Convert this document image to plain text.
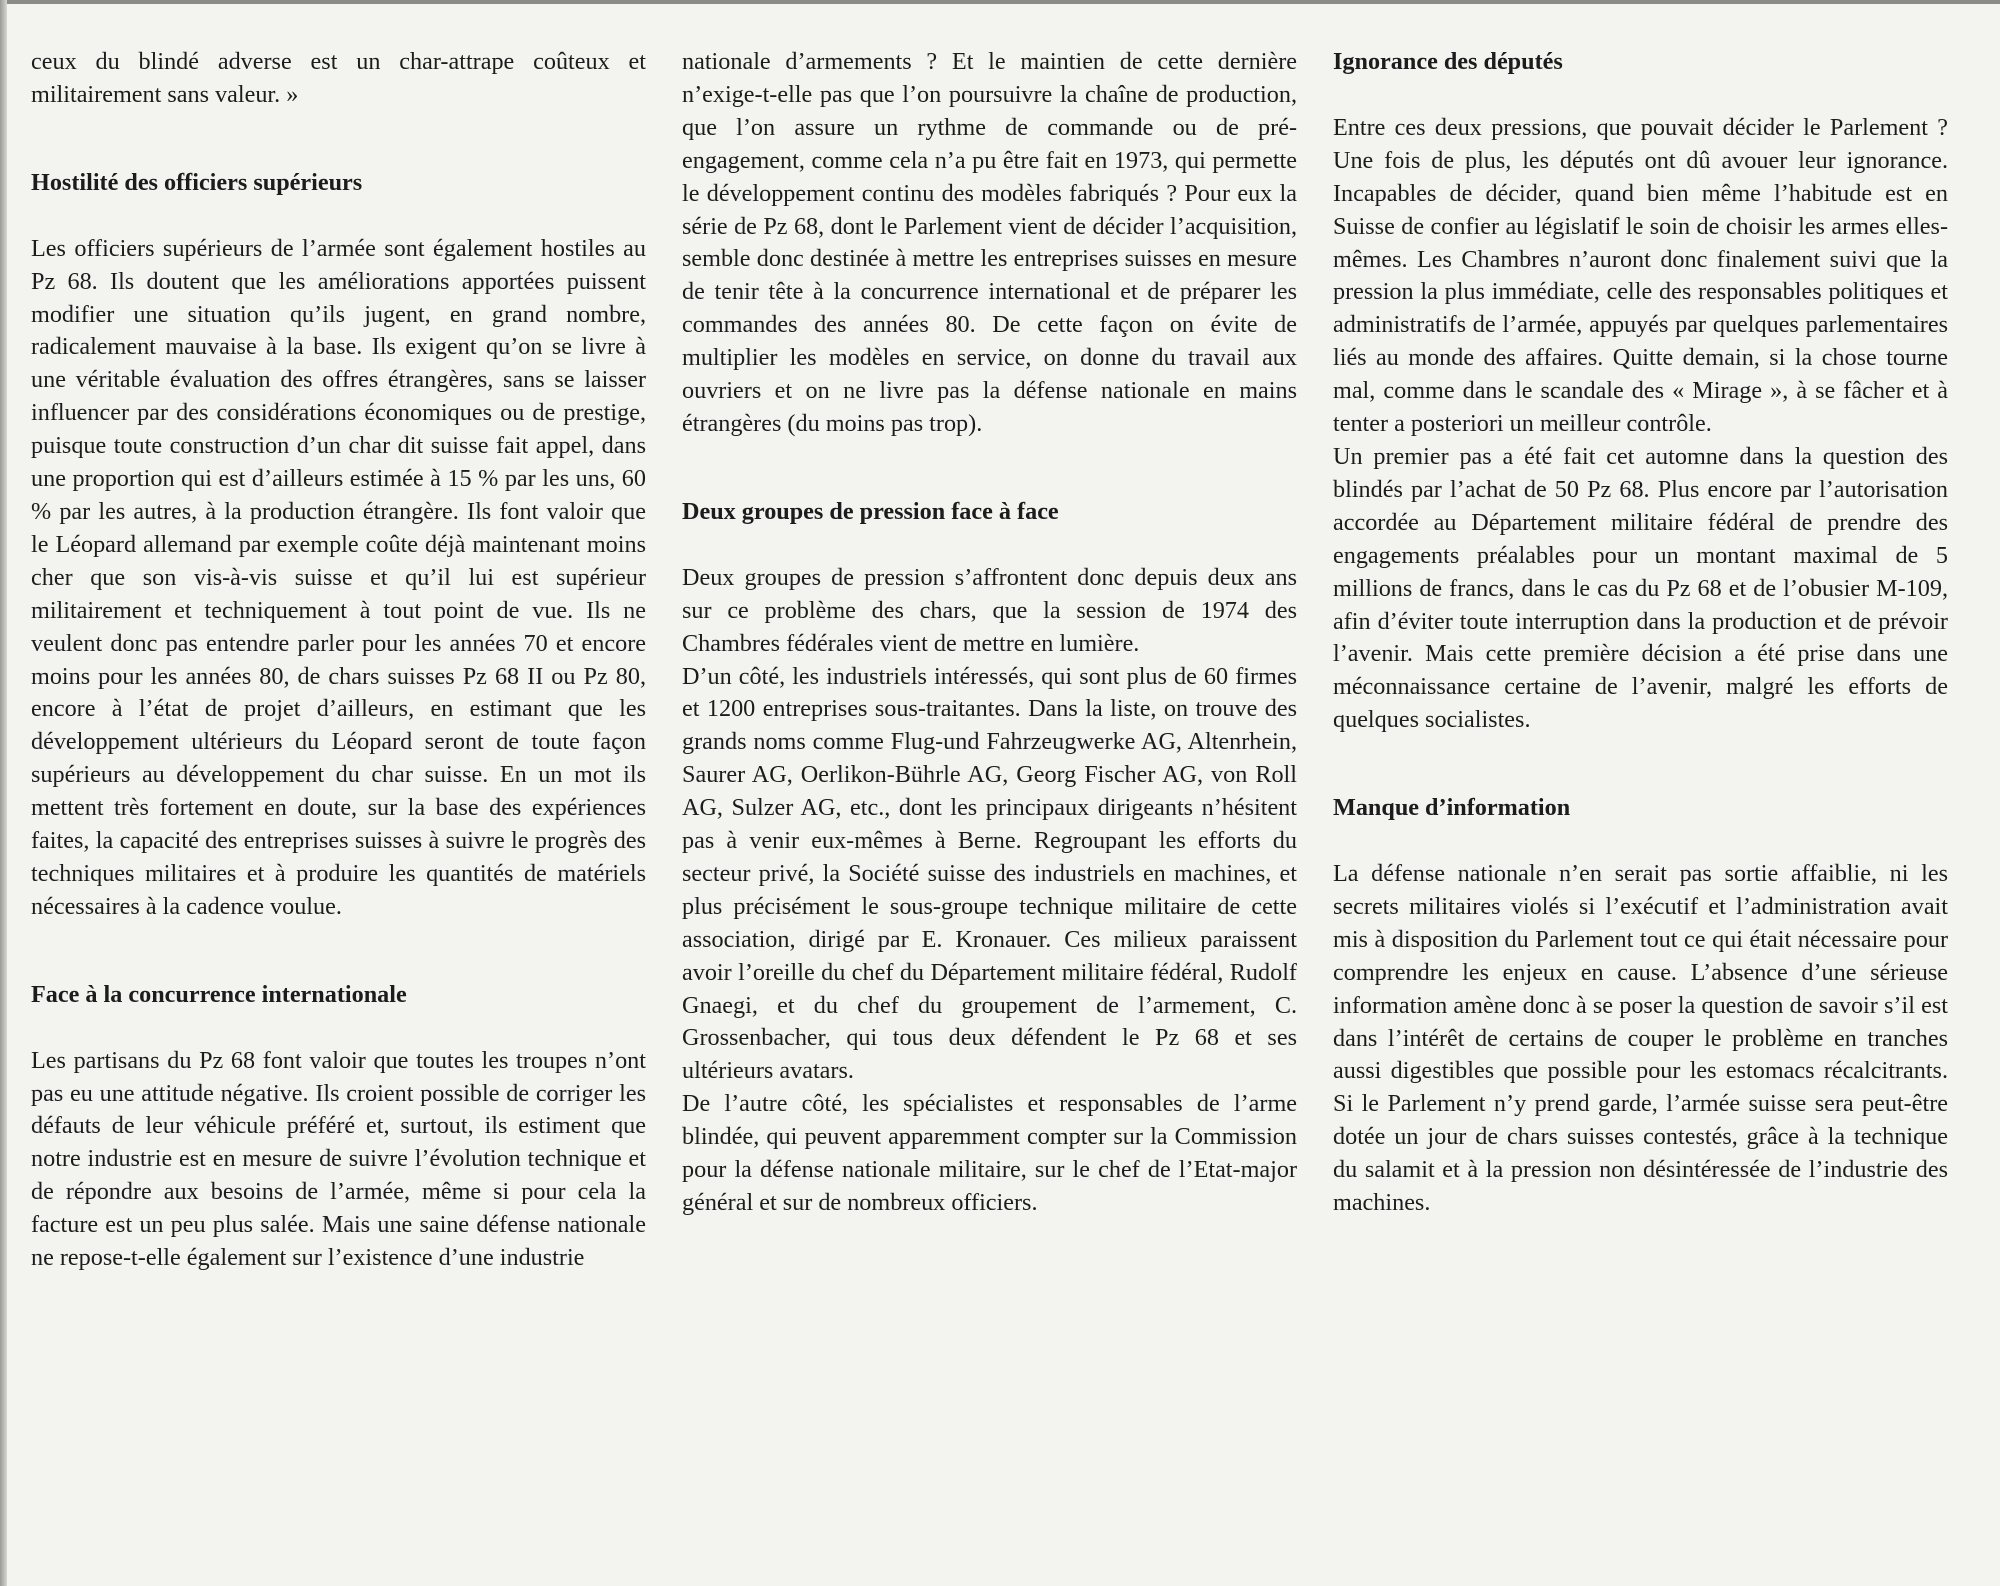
ceux du blindé adverse est un char-attrape coûteux et militairement sans valeur. »

Hostilité des officiers supérieurs

Les officiers supérieurs de l’armée sont également hostiles au Pz 68. Ils doutent que les améliorations apportées puissent modifier une situation qu’ils jugent, en grand nombre, radicalement mauvaise à la base. Ils exigent qu’on se livre à une véritable évaluation des offres étrangères, sans se laisser influencer par des considérations économiques ou de prestige, puisque toute construction d’un char dit suisse fait appel, dans une proportion qui est d’ailleurs estimée à 15 % par les uns, 60 % par les autres, à la production étrangère. Ils font valoir que le Léopard allemand par exemple coûte déjà maintenant moins cher que son vis-à-vis suisse et qu’il lui est supérieur militairement et techniquement à tout point de vue. Ils ne veulent donc pas entendre parler pour les années 70 et encore moins pour les années 80, de chars suisses Pz 68 II ou Pz 80, encore à l’état de projet d’ailleurs, en estimant que les développement ultérieurs du Léopard seront de toute façon supérieurs au développement du char suisse. En un mot ils mettent très fortement en doute, sur la base des expériences faites, la capacité des entreprises suisses à suivre le progrès des techniques militaires et à produire les quantités de matériels nécessaires à la cadence voulue.

Face à la concurrence internationale

Les partisans du Pz 68 font valoir que toutes les troupes n’ont pas eu une attitude négative. Ils croient possible de corriger les défauts de leur véhicule préféré et, surtout, ils estiment que notre industrie est en mesure de suivre l’évolution technique et de répondre aux besoins de l’armée, même si pour cela la facture est un peu plus salée. Mais une saine défense nationale ne repose-t-elle également sur l’existence d’une industrie

nationale d’armements ? Et le maintien de cette dernière n’exige-t-elle pas que l’on poursuivre la chaîne de production, que l’on assure un rythme de commande ou de pré-engagement, comme cela n’a pu être fait en 1973, qui permette le développement continu des modèles fabriqués ? Pour eux la série de Pz 68, dont le Parlement vient de décider l’acquisition, semble donc destinée à mettre les entreprises suisses en mesure de tenir tête à la concurrence international et de préparer les commandes des années 80. De cette façon on évite de multiplier les modèles en service, on donne du travail aux ouvriers et on ne livre pas la défense nationale en mains étrangères (du moins pas trop).

Deux groupes de pression face à face

Deux groupes de pression s’affrontent donc depuis deux ans sur ce problème des chars, que la session de 1974 des Chambres fédérales vient de mettre en lumière.

D’un côté, les industriels intéressés, qui sont plus de 60 firmes et 1200 entreprises sous-traitantes. Dans la liste, on trouve des grands noms comme Flug-und Fahrzeugwerke AG, Altenrhein, Saurer AG, Oerlikon-Bührle AG, Georg Fischer AG, von Roll AG, Sulzer AG, etc., dont les principaux dirigeants n’hésitent pas à venir eux-mêmes à Berne. Regroupant les efforts du secteur privé, la Société suisse des industriels en machines, et plus précisément le sous-groupe technique militaire de cette association, dirigé par E. Kronauer. Ces milieux paraissent avoir l’oreille du chef du Département militaire fédéral, Rudolf Gnaegi, et du chef du groupement de l’armement, C. Grossenbacher, qui tous deux défendent le Pz 68 et ses ultérieurs avatars.

De l’autre côté, les spécialistes et responsables de l’arme blindée, qui peuvent apparemment compter sur la Commission pour la défense nationale militaire, sur le chef de l’Etat-major général et sur de nombreux officiers.

Ignorance des députés

Entre ces deux pressions, que pouvait décider le Parlement ? Une fois de plus, les députés ont dû avouer leur ignorance. Incapables de décider, quand bien même l’habitude est en Suisse de confier au législatif le soin de choisir les armes elles-mêmes. Les Chambres n’auront donc finalement suivi que la pression la plus immédiate, celle des responsables politiques et administratifs de l’armée, appuyés par quelques parlementaires liés au monde des affaires. Quitte demain, si la chose tourne mal, comme dans le scandale des « Mirage », à se fâcher et à tenter a posteriori un meilleur contrôle.

Un premier pas a été fait cet automne dans la question des blindés par l’achat de 50 Pz 68. Plus encore par l’autorisation accordée au Département militaire fédéral de prendre des engagements préalables pour un montant maximal de 5 millions de francs, dans le cas du Pz 68 et de l’obusier M-109, afin d’éviter toute interruption dans la production et de prévoir l’avenir. Mais cette première décision a été prise dans une méconnaissance certaine de l’avenir, malgré les efforts de quelques socialistes.

Manque d’information

La défense nationale n’en serait pas sortie affaiblie, ni les secrets militaires violés si l’exécutif et l’administration avait mis à disposition du Parlement tout ce qui était nécessaire pour comprendre les enjeux en cause. L’absence d’une sérieuse information amène donc à se poser la question de savoir s’il est dans l’intérêt de certains de couper le problème en tranches aussi digestibles que possible pour les estomacs récalcitrants. Si le Parlement n’y prend garde, l’armée suisse sera peut-être dotée un jour de chars suisses contestés, grâce à la technique du salamit et à la pression non désintéressée de l’industrie des machines.
